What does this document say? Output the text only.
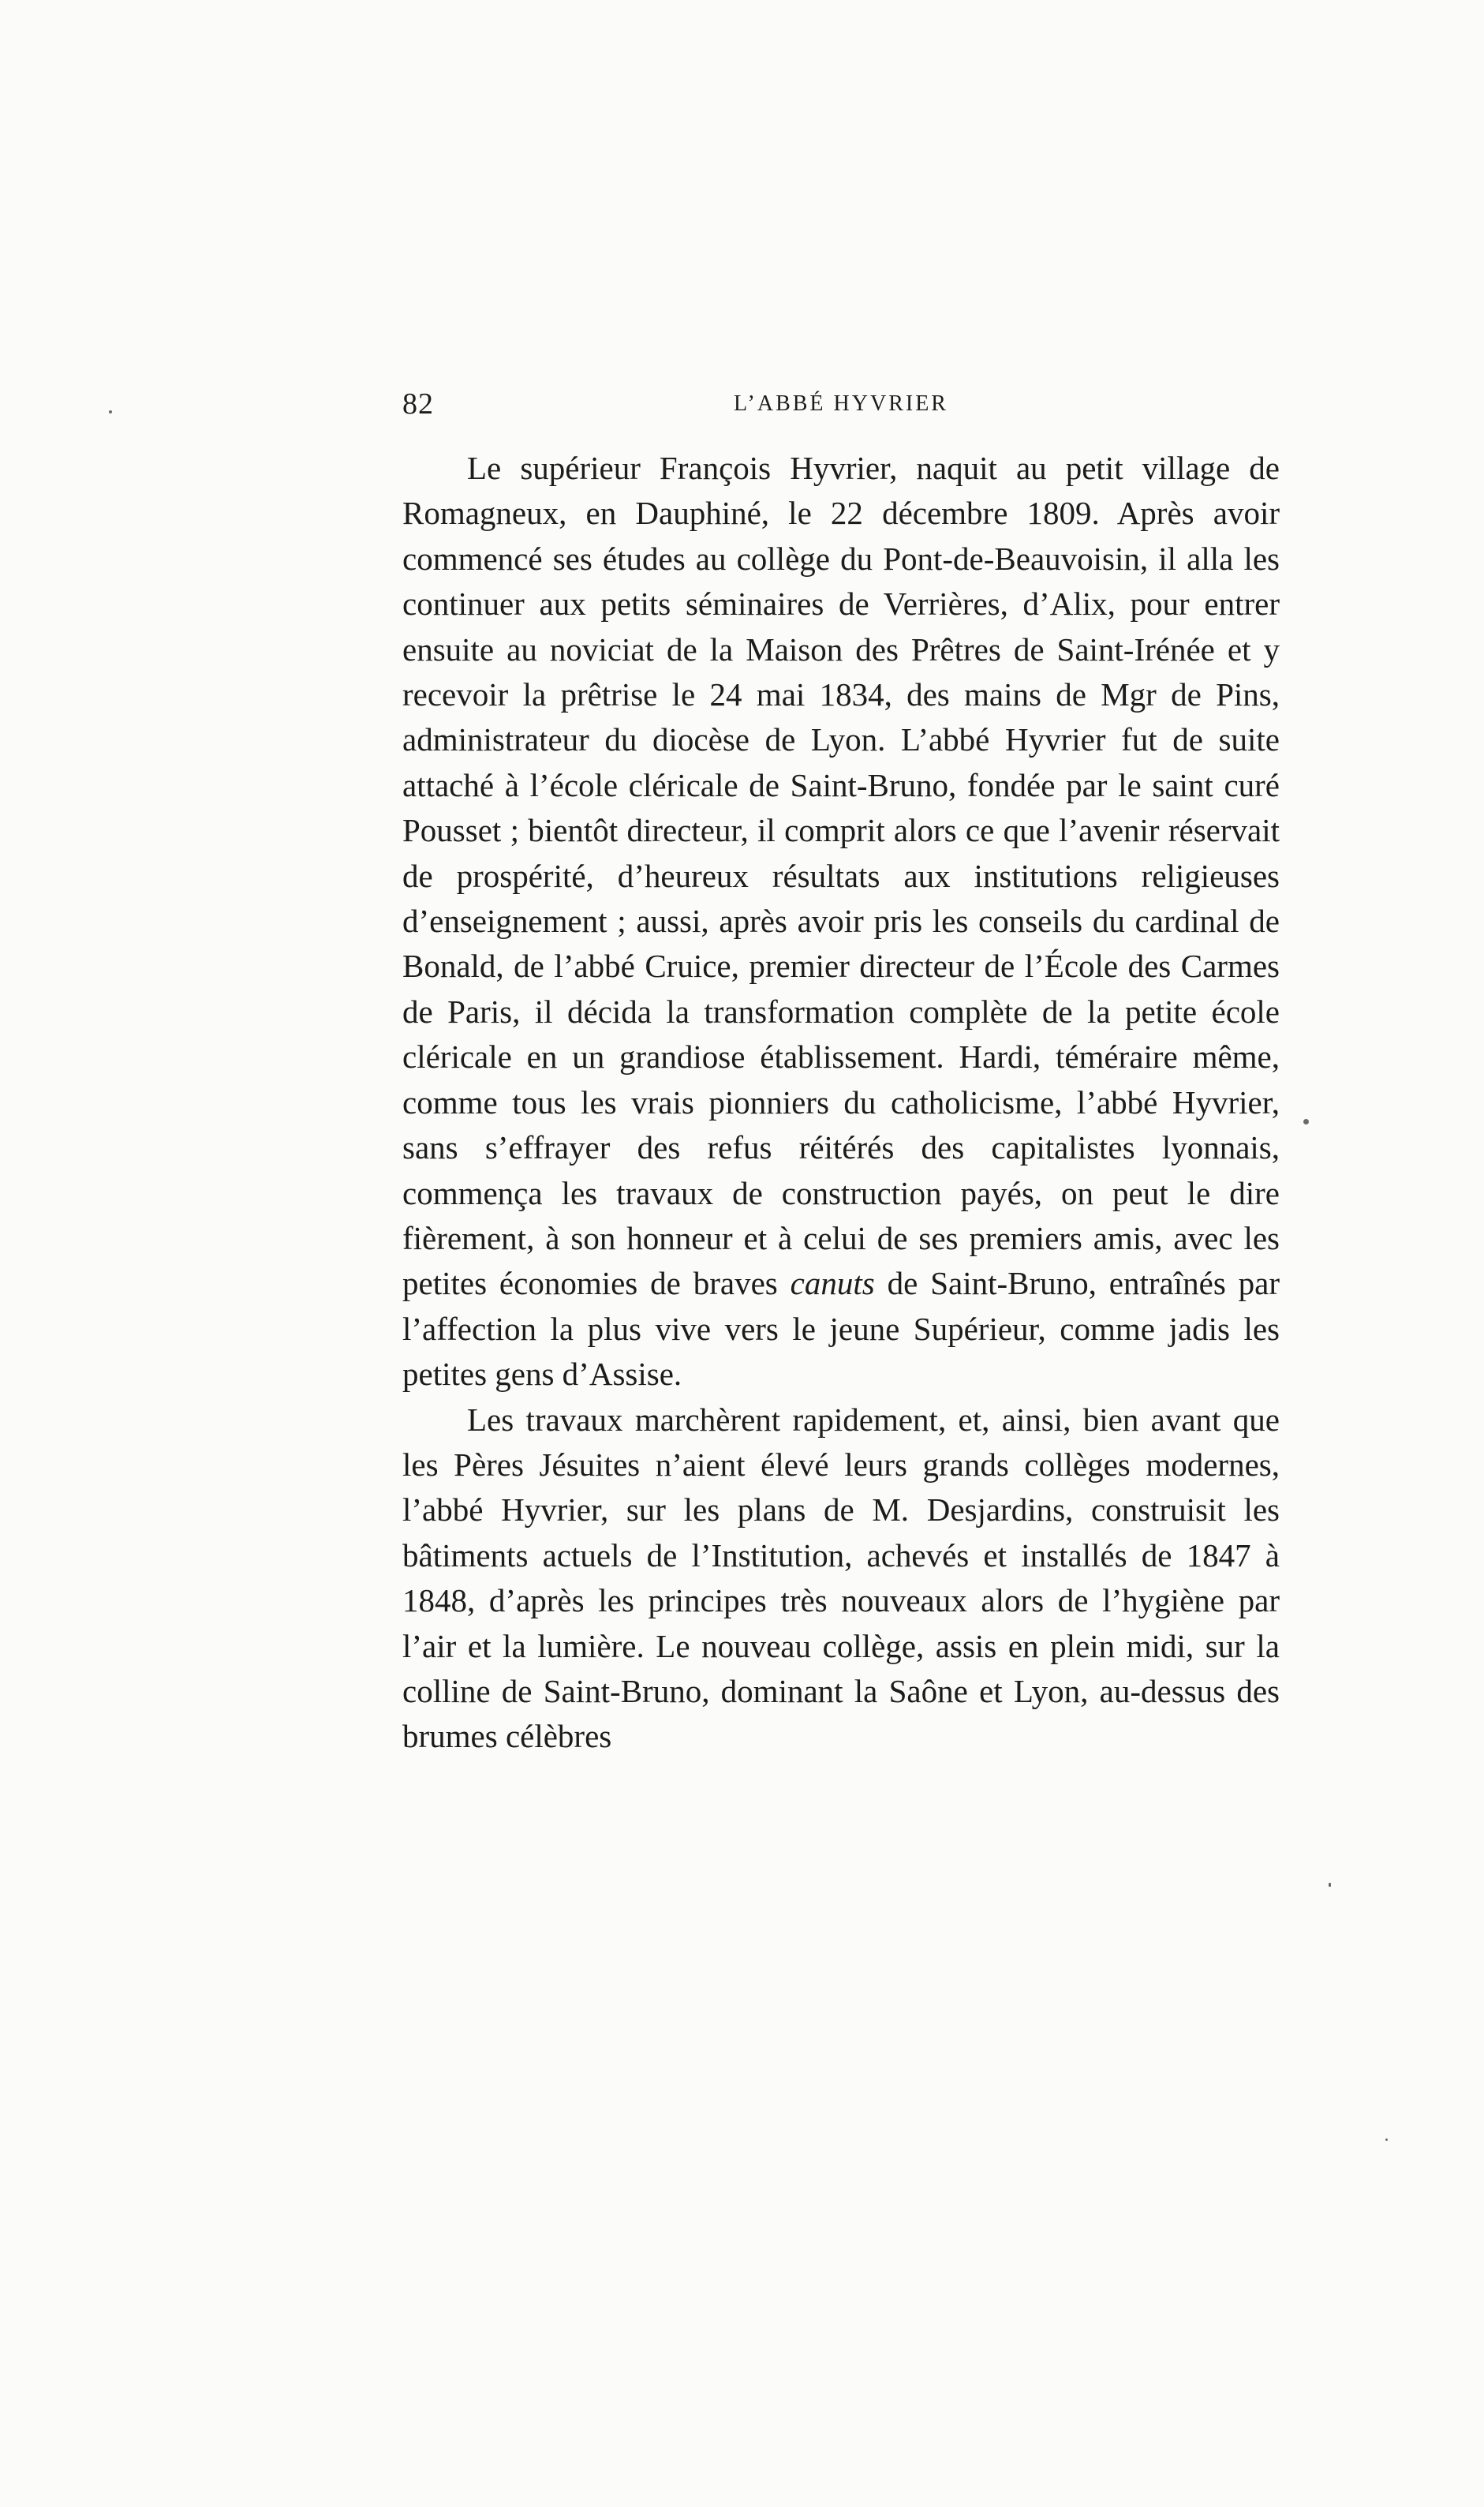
82	L’ABBÉ HYVRIER

Le supérieur François Hyvrier, naquit au petit village de Romagneux, en Dauphiné, le 22 décembre 1809. Après avoir commencé ses études au collège du Pont-de-Beauvoisin, il alla les continuer aux petits séminaires de Verrières, d’Alix, pour entrer ensuite au noviciat de la Maison des Prêtres de Saint-Irénée et y recevoir la prêtrise le 24 mai 1834, des mains de Mgr de Pins, administrateur du diocèse de Lyon. L’abbé Hyvrier fut de suite attaché à l’école cléricale de Saint-Bruno, fondée par le saint curé Pousset ; bientôt directeur, il comprit alors ce que l’avenir réservait de prospérité, d’heureux résultats aux institutions religieuses d’enseignement ; aussi, après avoir pris les conseils du cardinal de Bonald, de l’abbé Cruice, premier directeur de l’École des Carmes de Paris, il décida la transformation complète de la petite école cléricale en un grandiose établissement. Hardi, téméraire même, comme tous les vrais pionniers du catholicisme, l’abbé Hyvrier, sans s’effrayer des refus réitérés des capitalistes lyonnais, commença les travaux de construction payés, on peut le dire fièrement, à son honneur et à celui de ses premiers amis, avec les petites économies de braves canuts de Saint-Bruno, entraînés par l’affection la plus vive vers le jeune Supérieur, comme jadis les petites gens d’Assise.

Les travaux marchèrent rapidement, et, ainsi, bien avant que les Pères Jésuites n’aient élevé leurs grands collèges modernes, l’abbé Hyvrier, sur les plans de M. Desjardins, construisit les bâtiments actuels de l’Institution, achevés et installés de 1847 à 1848, d’après les principes très nouveaux alors de l’hygiène par l’air et la lumière. Le nouveau collège, assis en plein midi, sur la colline de Saint-Bruno, dominant la Saône et Lyon, au-dessus des brumes célèbres
